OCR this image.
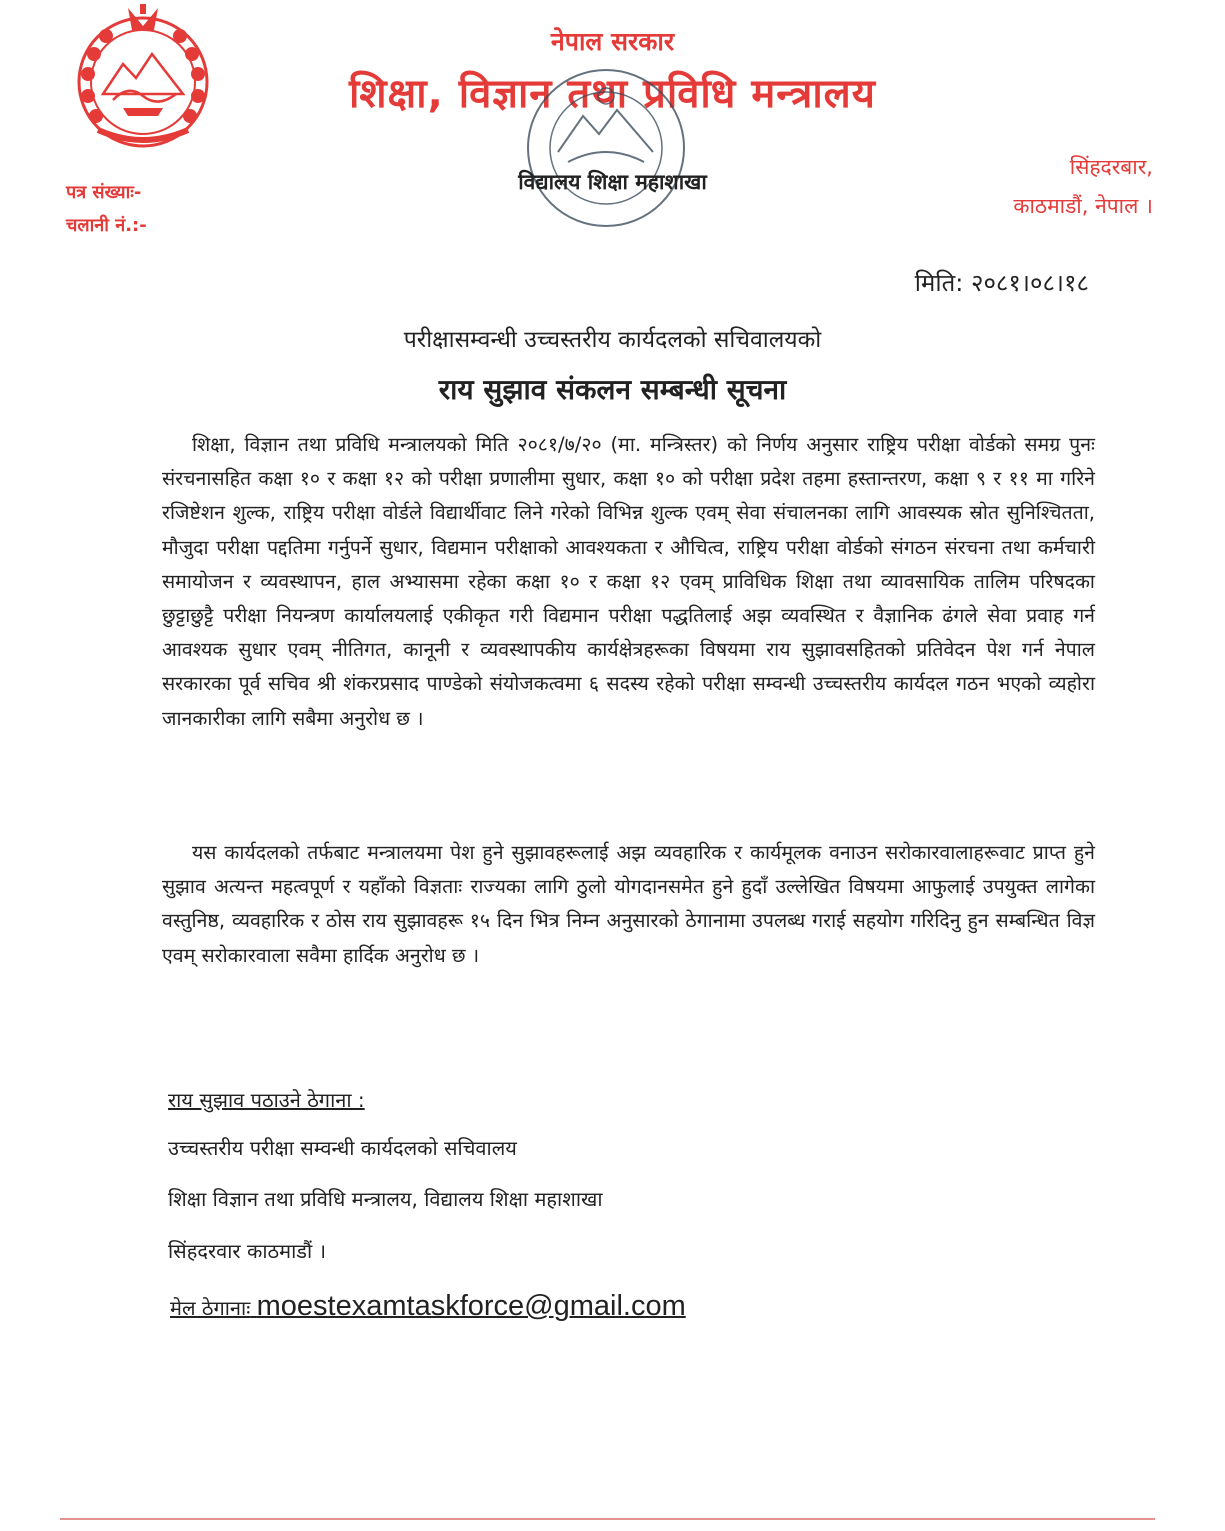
नेपाल सरकार
शिक्षा, विज्ञान तथा प्रविधि मन्त्रालय
विद्यालय शिक्षा महाशाखा
पत्र संख्याः-
चलानी नं.:-
सिंहदरबार,
काठमाडौं, नेपाल ।
मिति: २०८१।०८।१८
परीक्षासम्वन्धी उच्चस्तरीय कार्यदलको सचिवालयको
राय सुझाव संकलन सम्बन्धी सूचना
शिक्षा, विज्ञान तथा प्रविधि मन्त्रालयको मिति २०८१/७/२० (मा. मन्त्रिस्तर) को निर्णय अनुसार राष्ट्रिय परीक्षा वोर्डको समग्र पुनः संरचनासहित कक्षा १० र कक्षा १२ को परीक्षा प्रणालीमा सुधार, कक्षा १० को परीक्षा प्रदेश तहमा हस्तान्तरण, कक्षा ९ र ११ मा गरिने रजिष्टेशन शुल्क, राष्ट्रिय परीक्षा वोर्डले विद्यार्थीवाट लिने गरेको विभिन्न शुल्क एवम् सेवा संचालनका लागि आवस्यक स्रोत सुनिश्चितता, मौजुदा परीक्षा पद्दतिमा गर्नुपर्ने सुधार, विद्यमान परीक्षाको आवश्यकता र औचित्व, राष्ट्रिय परीक्षा वोर्डको संगठन संरचना तथा कर्मचारी समायोजन र व्यवस्थापन, हाल अभ्यासमा रहेका कक्षा १० र कक्षा १२ एवम् प्राविधिक शिक्षा तथा व्यावसायिक तालिम परिषदका छुट्टाछुट्टै परीक्षा नियन्त्रण कार्यालयलाई एकीकृत गरी विद्यमान परीक्षा पद्धतिलाई अझ व्यवस्थित र वैज्ञानिक ढंगले सेवा प्रवाह गर्न आवश्यक सुधार एवम् नीतिगत, कानूनी र व्यवस्थापकीय कार्यक्षेत्रहरूका विषयमा राय सुझावसहितको प्रतिवेदन पेश गर्न नेपाल सरकारका पूर्व सचिव श्री शंकरप्रसाद पाण्डेको संयोजकत्वमा ६ सदस्य रहेको परीक्षा सम्वन्धी उच्चस्तरीय कार्यदल गठन भएको व्यहोरा जानकारीका लागि सबैमा अनुरोध छ ।
यस कार्यदलको तर्फबाट मन्त्रालयमा पेश हुने सुझावहरूलाई अझ व्यवहारिक र कार्यमूलक वनाउन सरोकारवालाहरूवाट प्राप्त हुने सुझाव अत्यन्त महत्वपूर्ण र यहाँको विज्ञताः राज्यका लागि ठुलो योगदानसमेत हुने हुदाँ उल्लेखित विषयमा आफुलाई उपयुक्त लागेका वस्तुनिष्ठ, व्यवहारिक र ठोस राय सुझावहरू १५ दिन भित्र निम्न अनुसारको ठेगानामा उपलब्ध गराई सहयोग गरिदिनु हुन सम्बन्धित विज्ञ एवम् सरोकारवाला सवैमा हार्दिक अनुरोध छ ।
राय सुझाव पठाउने ठेगाना :
उच्चस्तरीय परीक्षा सम्वन्धी कार्यदलको सचिवालय
शिक्षा विज्ञान तथा प्रविधि मन्त्रालय, विद्यालय शिक्षा महाशाखा
सिंहदरवार काठमाडौं ।
मेल ठेगानाः moestexamtaskforce@gmail.com
